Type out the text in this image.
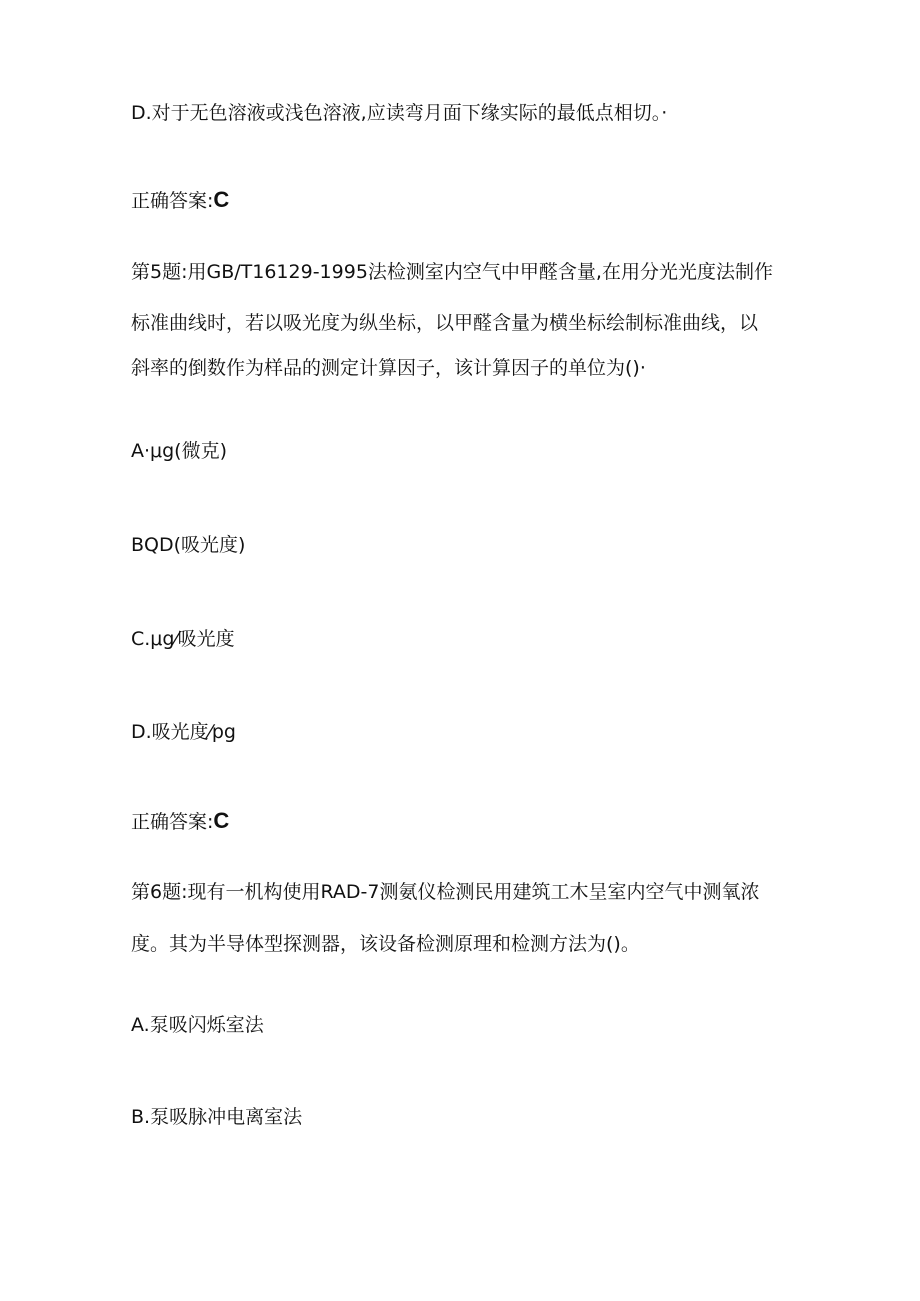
D.对于无色溶液或浅色溶液,应读弯月面下缘实际的最低点相切。·
正确答案:C
第5题:用GB/T16129-1995法检测室内空气中甲醛含量,在用分光光度法制作
标准曲线时，若以吸光度为纵坐标，以甲醛含量为横坐标绘制标准曲线，以
斜率的倒数作为样品的测定计算因子，该计算因子的单位为()·
A·μg(微克)
BQD(吸光度)
C.μg⁄吸光度
D.吸光度⁄pg
正确答案:C
第6题:现有一机构使用RAD-7测氨仪检测民用建筑工木呈室内空气中测氧浓
度。其为半导体型探测器，该设备检测原理和检测方法为()。
A.泵吸闪烁室法
B.泵吸脉冲电离室法
